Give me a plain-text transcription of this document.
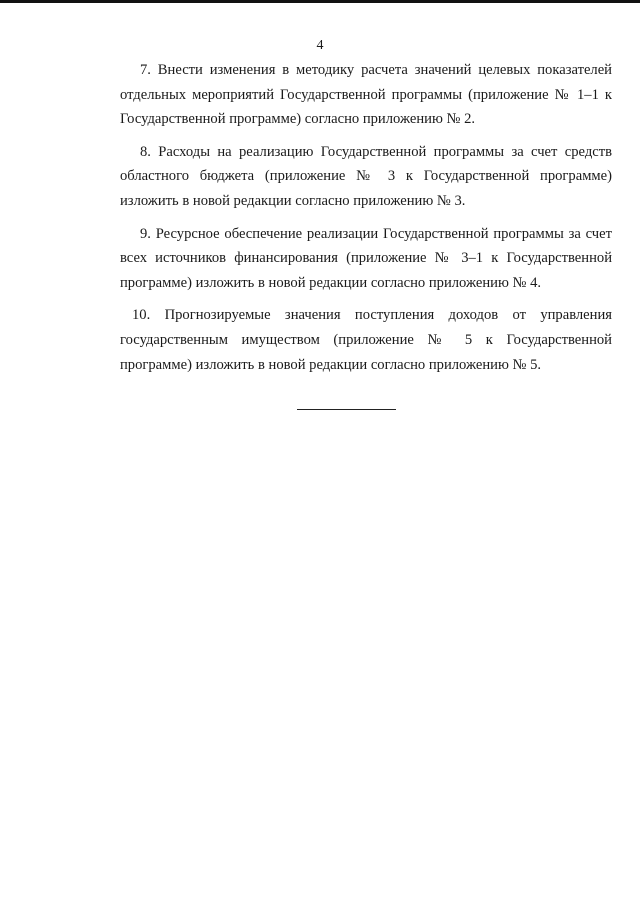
4

7. Внести изменения в методику расчета значений целевых показателей отдельных мероприятий Государственной программы (приложение № 1–1 к Государственной программе) согласно приложению № 2.

8. Расходы на реализацию Государственной программы за счет средств областного бюджета (приложение № 3 к Государственной программе) изложить в новой редакции согласно приложению № 3.

9. Ресурсное обеспечение реализации Государственной программы за счет всех источников финансирования (приложение № 3–1 к Государственной программе) изложить в новой редакции согласно приложению № 4.

10. Прогнозируемые значения поступления доходов от управления государственным имуществом (приложение № 5 к Государственной программе) изложить в новой редакции согласно приложению № 5.
